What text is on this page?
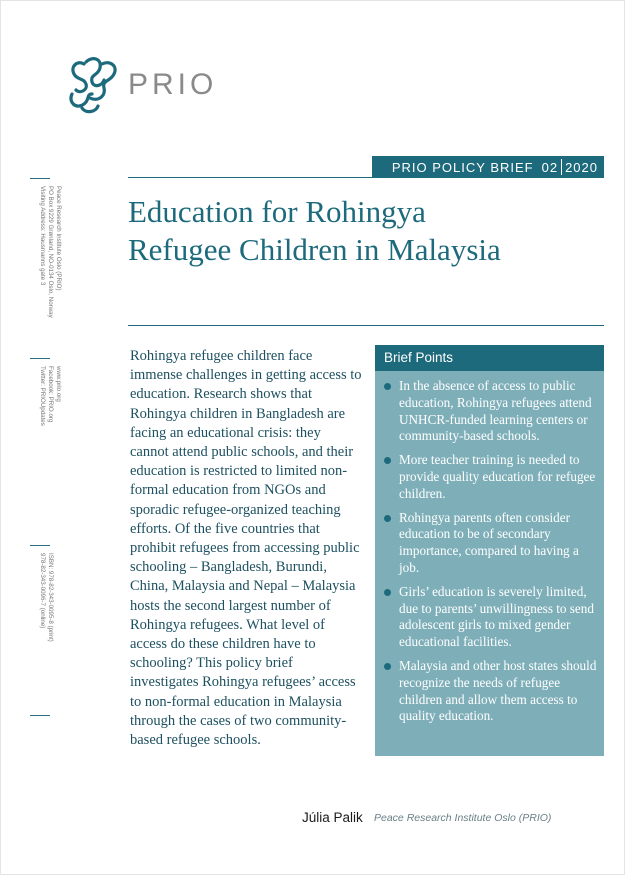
PRIO
Peace Research Institute Oslo (PRIO)
PO Box 9229 Grønland, NO-0134 Oslo, Norway
Visiting Address: Hausmanns gate 3
www.prio.org
Facebook: PRIO.org
Twitter: PRIOUpdates
ISBN: 978-82-343-0095-8 (print)
978-82-343-0096-7 (online)
PRIO POLICY BRIEF 02 2020
Education for Rohingya
Refugee Children in Malaysia

Rohingya refugee children face immense challenges in getting access to education. Research shows that Rohingya children in Bangladesh are facing an educational crisis: they cannot attend public schools, and their education is restricted to limited non-formal education from NGOs and sporadic refugee-organized teaching efforts. Of the five countries that prohibit refugees from accessing public schooling – Bangladesh, Burundi, China, Malaysia and Nepal – Malaysia hosts the second largest number of Rohingya refugees. What level of access do these children have to schooling? This policy brief investigates Rohingya refugees’ access to non-formal education in Malaysia through the cases of two community-based refugee schools.

Brief Points
In the absence of access to public education, Rohingya refugees attend UNHCR-funded learning centers or community-based schools.
More teacher training is needed to provide quality education for refugee children.
Rohingya parents often consider education to be of secondary importance, compared to having a job.
Girls’ education is severely limited, due to parents’ unwillingness to send adolescent girls to mixed gender educational facilities.
Malaysia and other host states should recognize the needs of refugee children and allow them access to quality education.
Júlia Palik Peace Research Institute Oslo (PRIO)
